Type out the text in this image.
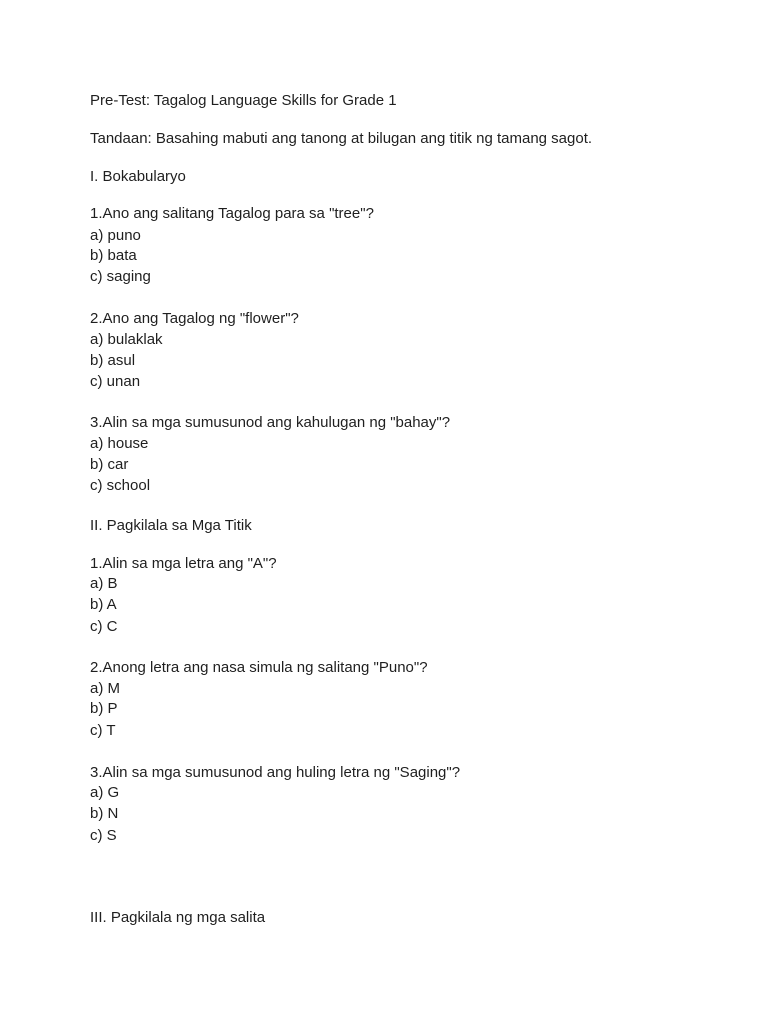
Pre-Test: Tagalog Language Skills for Grade 1
Tandaan: Basahing mabuti ang tanong at bilugan ang titik ng tamang sagot.
I. Bokabularyo
1.Ano ang salitang Tagalog para sa "tree"?
a) puno
b) bata
c) saging
2.Ano ang Tagalog ng "flower"?
a) bulaklak
b) asul
c) unan
3.Alin sa mga sumusunod ang kahulugan ng "bahay"?
a) house
b) car
c) school
II. Pagkilala sa Mga Titik
1.Alin sa mga letra ang "A"?
a) B
b) A
c) C
2.Anong letra ang nasa simula ng salitang "Puno"?
a) M
b) P
c) T
3.Alin sa mga sumusunod ang huling letra ng "Saging"?
a) G
b) N
c) S
III. Pagkilala ng mga salita
